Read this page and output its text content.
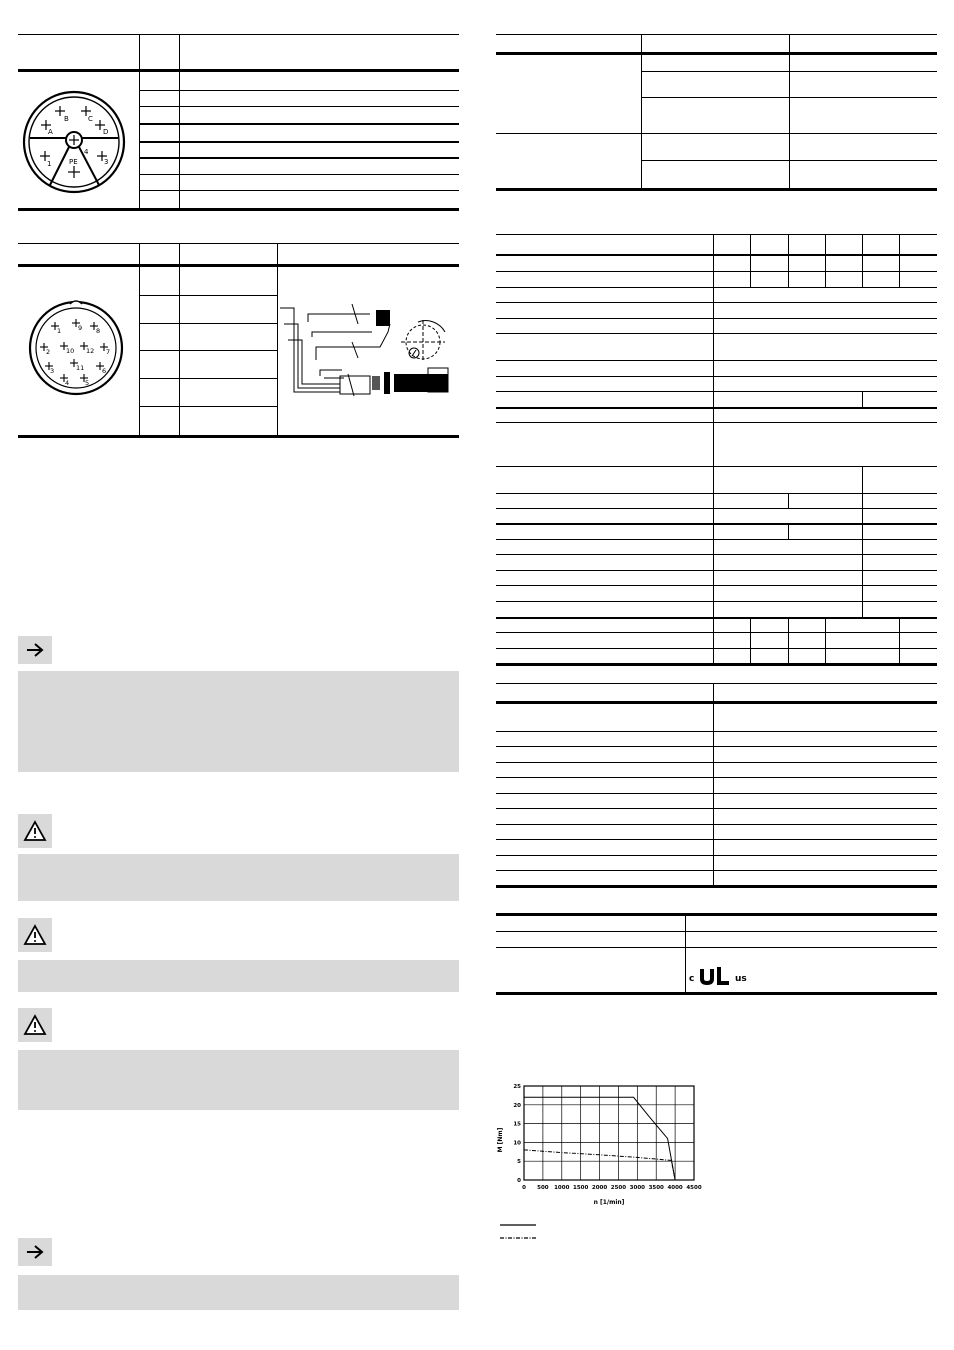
A
B	C
D
1
4
PE	3
1	9 8
2 10 12 7
3	11	6
4 5
c	us
0 500 1000 1500 2000 2500 3000 3500 4000 4500
0
5
10
15
20
25
M [Nm]
n [1/min]
